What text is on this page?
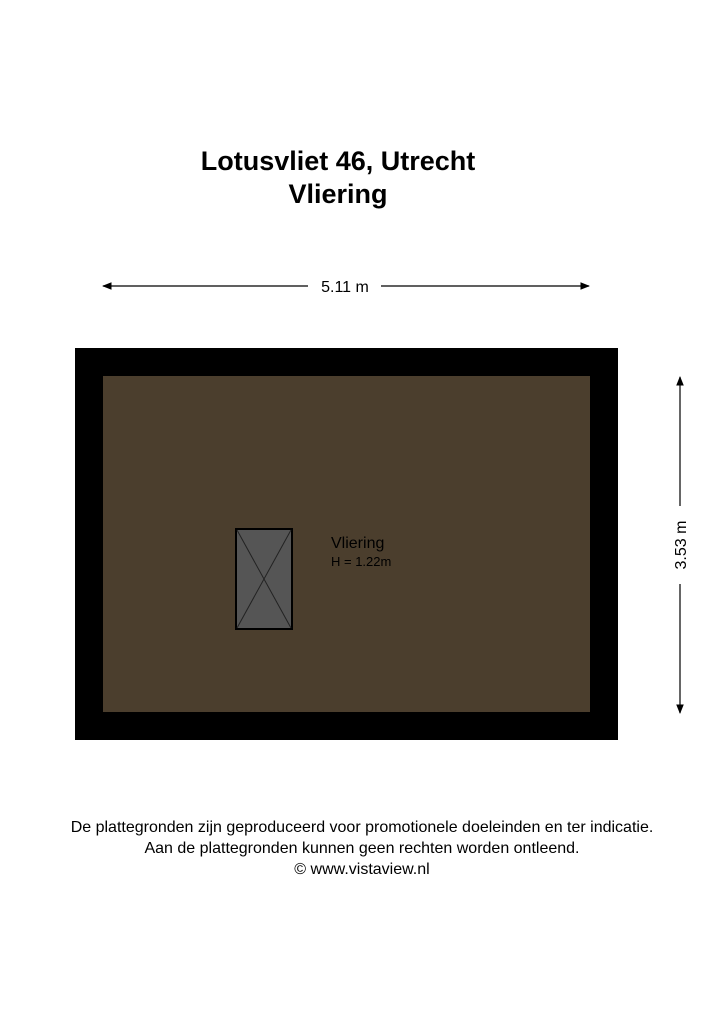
Lotusvliet 46, Utrecht
Vliering
5.11 m
3.53 m
Vliering
H = 1.22m
De plattegronden zijn geproduceerd voor promotionele doeleinden en ter indicatie.
Aan de plattegronden kunnen geen rechten worden ontleend.
© www.vistaview.nl
